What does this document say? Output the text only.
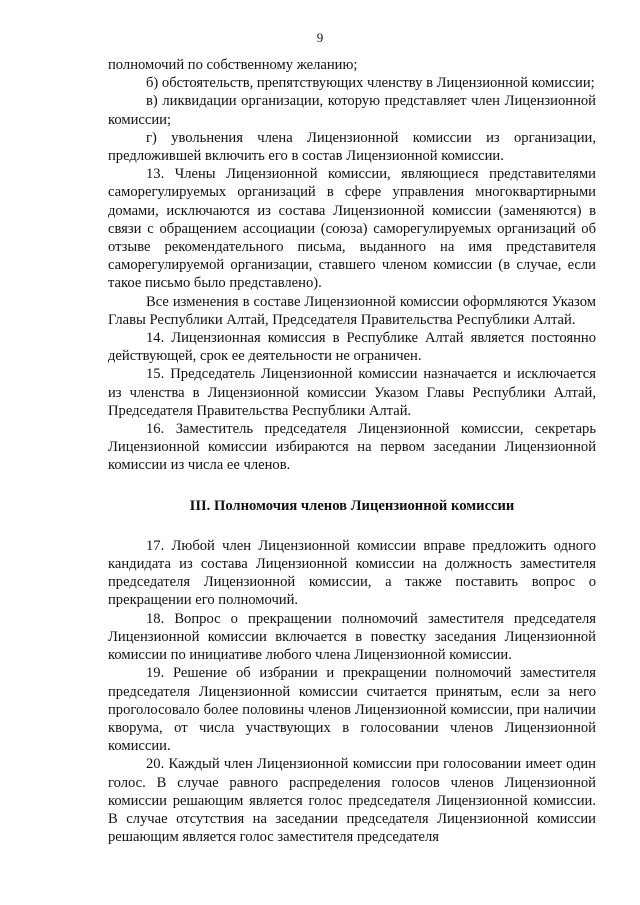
9

полномочий по собственному желанию;

б) обстоятельств, препятствующих членству в Лицензионной комиссии;

в) ликвидации организации, которую представляет член Лицензионной комиссии;

г) увольнения члена Лицензионной комиссии из организации, предложившей включить его в состав Лицензионной комиссии.

13. Члены Лицензионной комиссии, являющиеся представителями саморегулируемых организаций в сфере управления многоквартирными домами, исключаются из состава Лицензионной комиссии (заменяются) в связи с обращением ассоциации (союза) саморегулируемых организаций об отзыве рекомендательного письма, выданного на имя представителя саморегулируемой организации, ставшего членом комиссии (в случае, если такое письмо было представлено).

Все изменения в составе Лицензионной комиссии оформляются Указом Главы Республики Алтай, Председателя Правительства Республики Алтай.

14. Лицензионная комиссия в Республике Алтай является постоянно действующей, срок ее деятельности не ограничен.

15. Председатель Лицензионной комиссии назначается и исключается из членства в Лицензионной комиссии Указом Главы Республики Алтай, Председателя Правительства Республики Алтай.

16. Заместитель председателя Лицензионной комиссии, секретарь Лицензионной комиссии избираются на первом заседании Лицензионной комиссии из числа ее членов.

III. Полномочия членов Лицензионной комиссии

17. Любой член Лицензионной комиссии вправе предложить одного кандидата из состава Лицензионной комиссии на должность заместителя председателя Лицензионной комиссии, а также поставить вопрос о прекращении его полномочий.

18. Вопрос о прекращении полномочий заместителя председателя Лицензионной комиссии включается в повестку заседания Лицензионной комиссии по инициативе любого члена Лицензионной комиссии.

19. Решение об избрании и прекращении полномочий заместителя председателя Лицензионной комиссии считается принятым, если за него проголосовало более половины членов Лицензионной комиссии, при наличии кворума, от числа участвующих в голосовании членов Лицензионной комиссии.

20. Каждый член Лицензионной комиссии при голосовании имеет один голос. В случае равного распределения голосов членов Лицензионной комиссии решающим является голос председателя Лицензионной комиссии. В случае отсутствия на заседании председателя Лицензионной комиссии решающим является голос заместителя председателя
